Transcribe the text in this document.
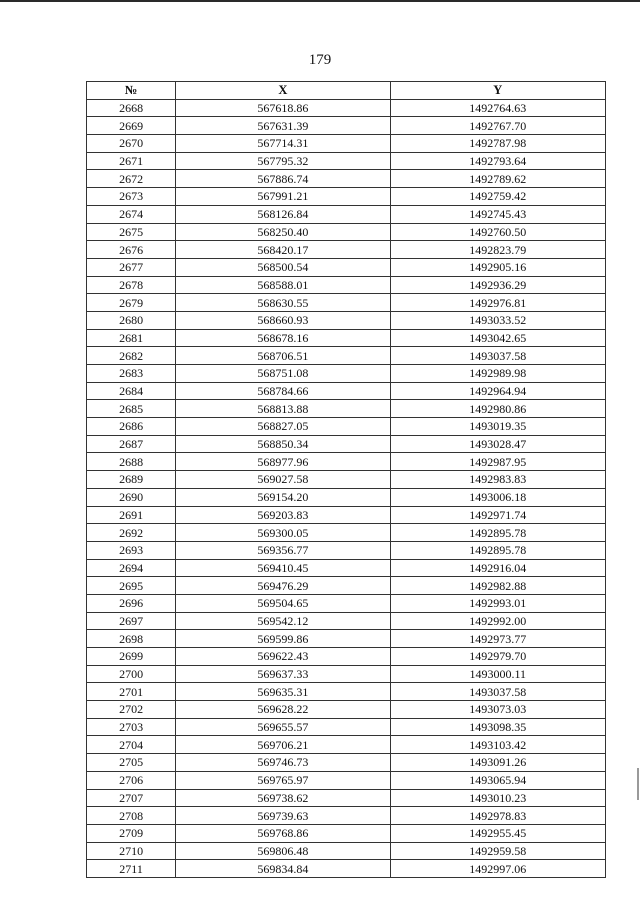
179
№	X	Y
2668	567618.86	1492764.63
2669	567631.39	1492767.70
2670	567714.31	1492787.98
2671	567795.32	1492793.64
2672	567886.74	1492789.62
2673	567991.21	1492759.42
2674	568126.84	1492745.43
2675	568250.40	1492760.50
2676	568420.17	1492823.79
2677	568500.54	1492905.16
2678	568588.01	1492936.29
2679	568630.55	1492976.81
2680	568660.93	1493033.52
2681	568678.16	1493042.65
2682	568706.51	1493037.58
2683	568751.08	1492989.98
2684	568784.66	1492964.94
2685	568813.88	1492980.86
2686	568827.05	1493019.35
2687	568850.34	1493028.47
2688	568977.96	1492987.95
2689	569027.58	1492983.83
2690	569154.20	1493006.18
2691	569203.83	1492971.74
2692	569300.05	1492895.78
2693	569356.77	1492895.78
2694	569410.45	1492916.04
2695	569476.29	1492982.88
2696	569504.65	1492993.01
2697	569542.12	1492992.00
2698	569599.86	1492973.77
2699	569622.43	1492979.70
2700	569637.33	1493000.11
2701	569635.31	1493037.58
2702	569628.22	1493073.03
2703	569655.57	1493098.35
2704	569706.21	1493103.42
2705	569746.73	1493091.26
2706	569765.97	1493065.94
2707	569738.62	1493010.23
2708	569739.63	1492978.83
2709	569768.86	1492955.45
2710	569806.48	1492959.58
2711	569834.84	1492997.06
